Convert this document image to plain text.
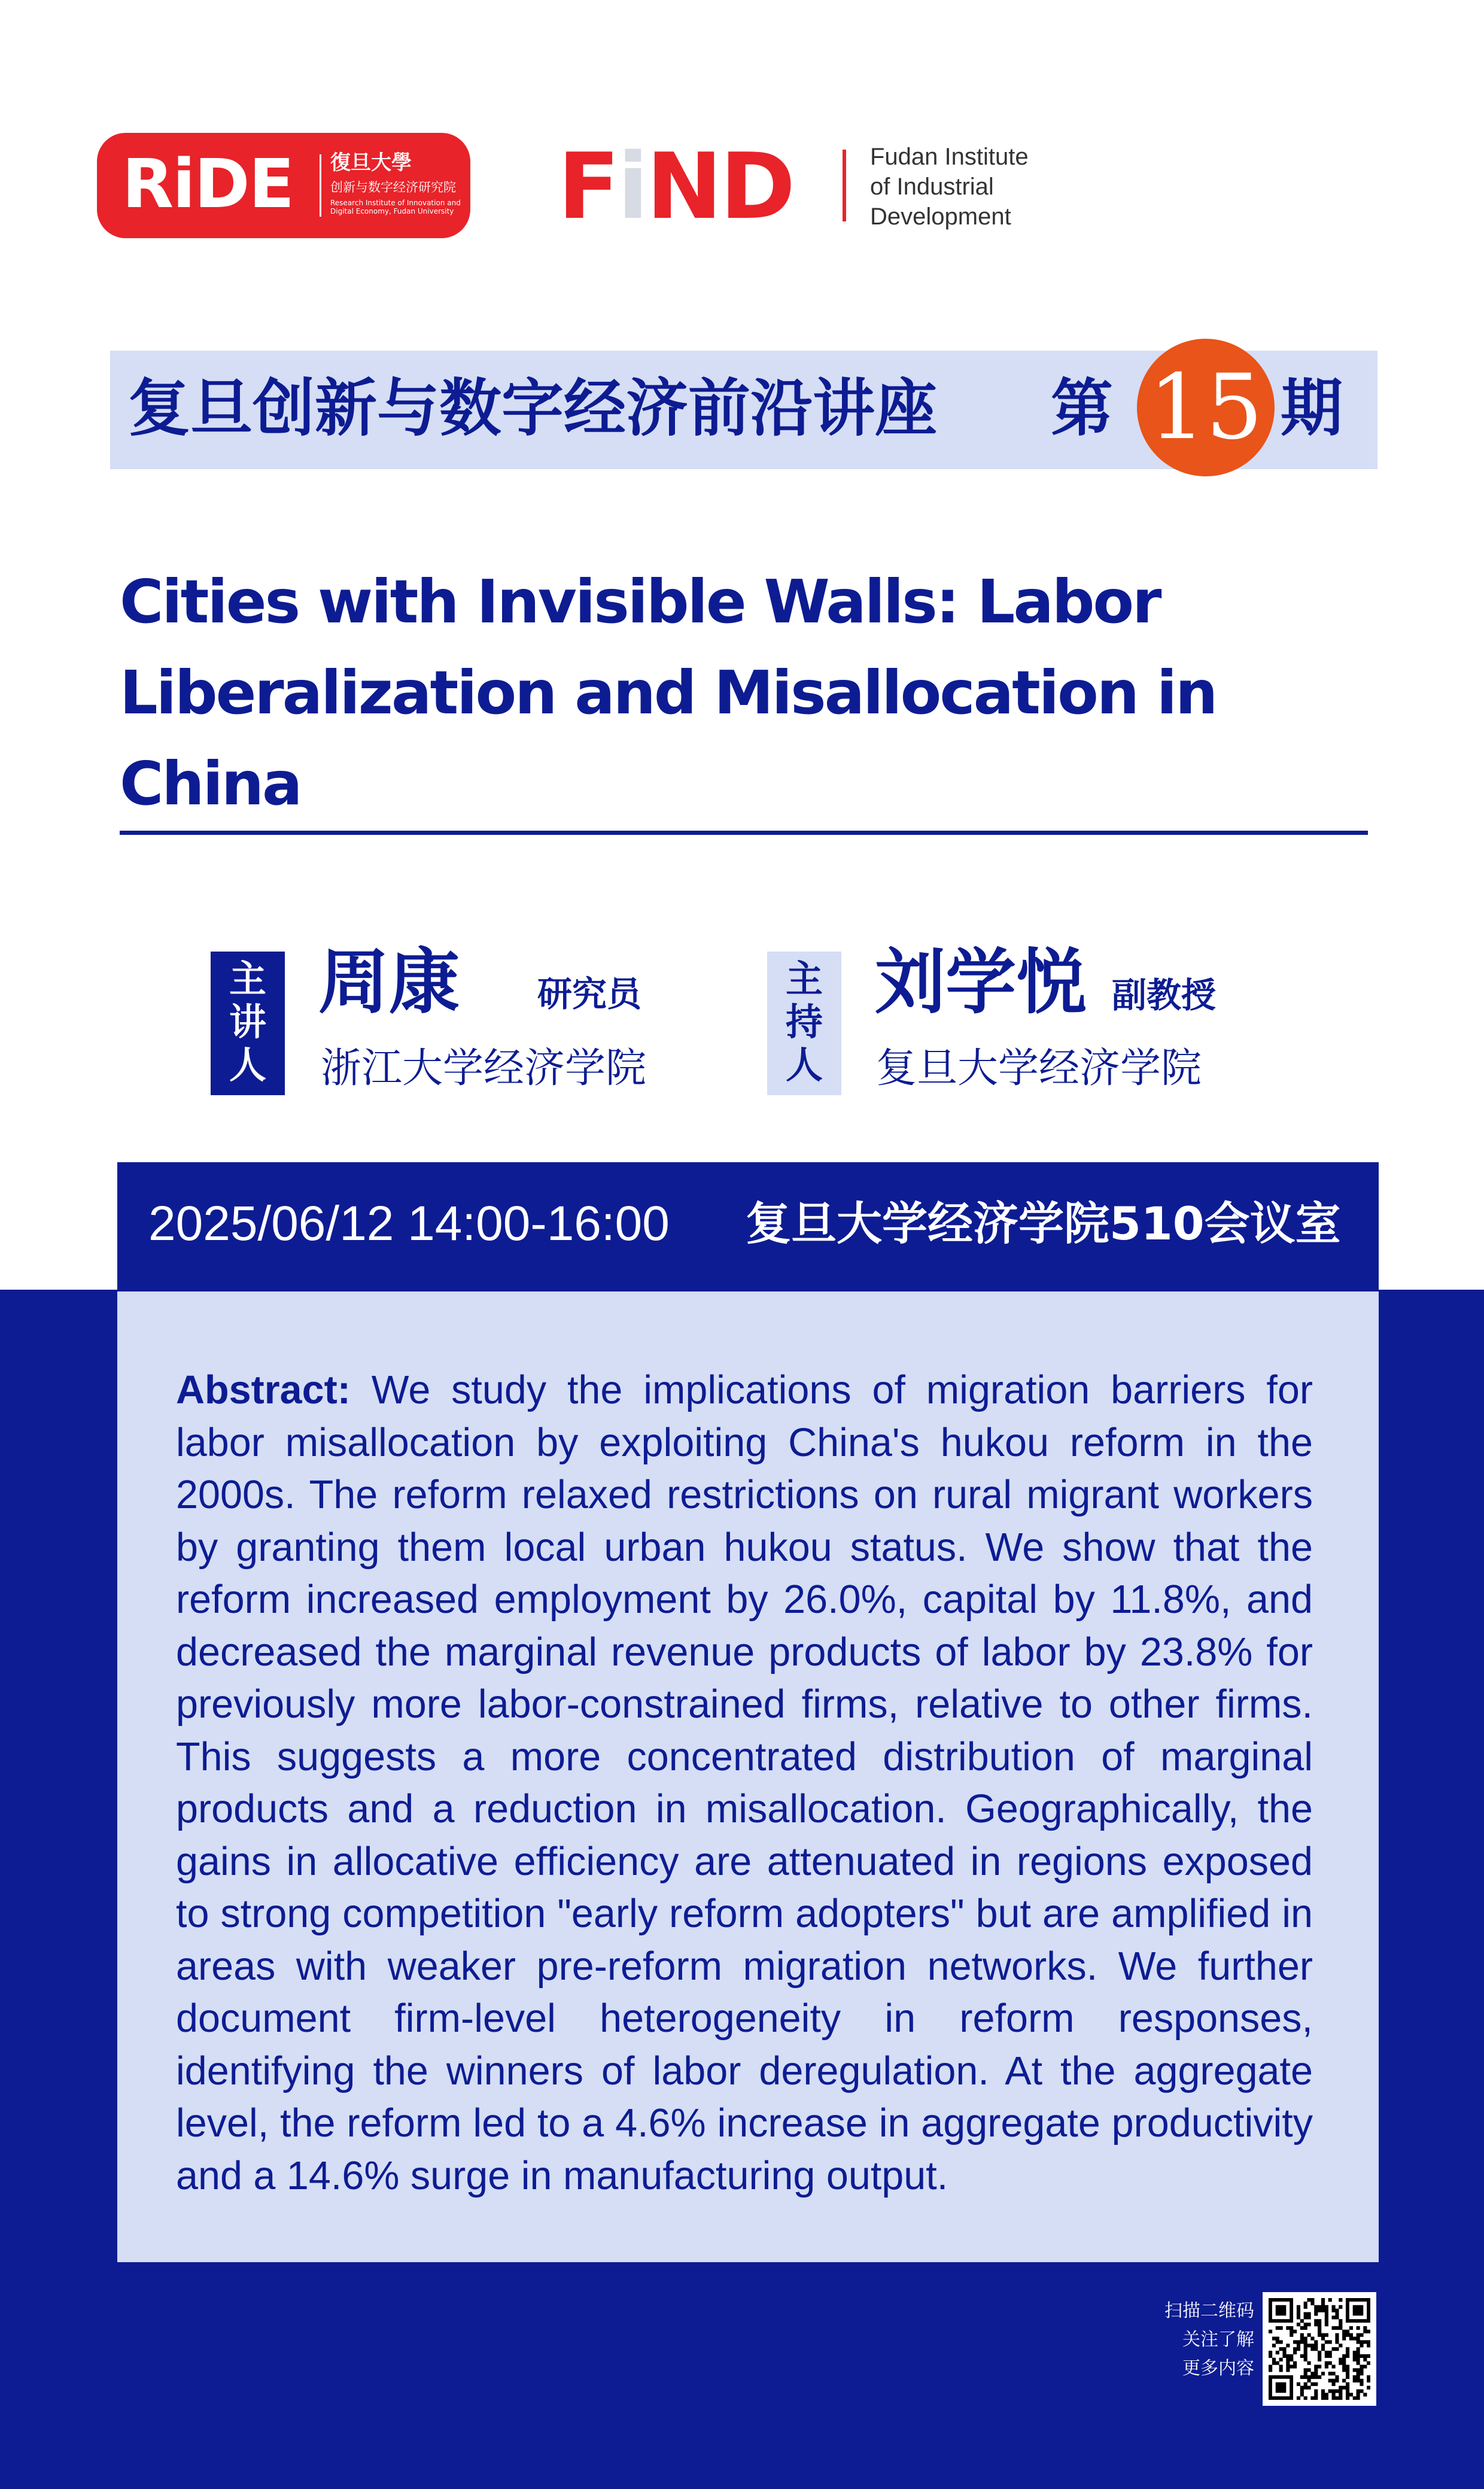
RiDE 復旦大學
创新与数字经济研究院
Research Institute of Innovation and Digital Economy, Fudan University FiND	Fudan Institute
of Industrial
Development
复旦创新与数字经济前沿讲座 第 15 期
Cities with Invisible Walls: Labor Liberalization and Misallocation in China
主
讲
人
周康 研究员
浙江大学经济学院
主
持
人
刘学悦 副教授
复旦大学经济学院
2025/06/12 14:00-16:00 复旦大学经济学院510会议室
Abstract: We study the implications of migration barriers for labor misallocation by exploiting China's hukou reform in the 2000s. The reform relaxed restrictions on rural migrant workers by granting them local urban hukou status. We show that the reform increased employment by 26.0%, capital by 11.8%, and decreased the marginal revenue products of labor by 23.8% for previously more labor-constrained firms, relative to other firms. This suggests a more concentrated distribution of marginal products and a reduction in misallocation. Geographically, the gains in allocative efficiency are attenuated in regions exposed to strong competition "early reform adopters" but are amplified in areas with weaker pre-reform migration networks. We further document firm-level heterogeneity in reform responses, identifying the winners of labor deregulation. At the aggregate level, the reform led to a 4.6% increase in aggregate productivity and a 14.6% surge in manufacturing output.
扫描二维码
关注了解
更多内容
